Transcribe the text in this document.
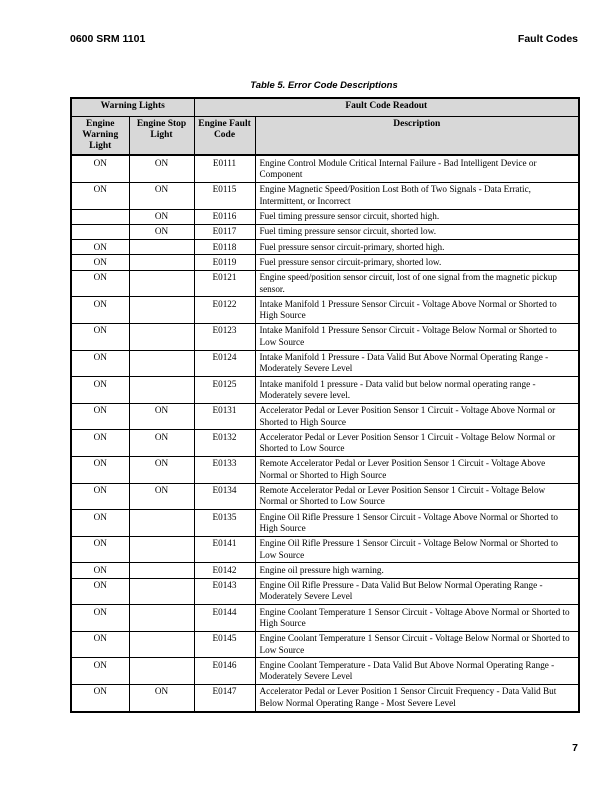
0600 SRM 1101	Fault Codes
Table 5. Error Code Descriptions
Warning Lights		Fault Code Readout	
Engine Warning Light	Engine Stop Light	Engine Fault Code	Description
ON	ON	E0111	Engine Control Module Critical Internal Failure - Bad Intelligent Device or Component
ON	ON	E0115	Engine Magnetic Speed/Position Lost Both of Two Signals - Data Erratic, Intermittent, or Incorrect
	ON	E0116	Fuel timing pressure sensor circuit, shorted high.
	ON	E0117	Fuel timing pressure sensor circuit, shorted low.
ON		E0118	Fuel pressure sensor circuit-primary, shorted high.
ON		E0119	Fuel pressure sensor circuit-primary, shorted low.
ON		E0121	Engine speed/position sensor circuit, lost of one signal from the magnetic pickup sensor.
ON		E0122	Intake Manifold 1 Pressure Sensor Circuit - Voltage Above Normal or Shorted to High Source
ON		E0123	Intake Manifold 1 Pressure Sensor Circuit - Voltage Below Normal or Shorted to Low Source
ON		E0124	Intake Manifold 1 Pressure - Data Valid But Above Normal Operating Range - Moderately Severe Level
ON		E0125	Intake manifold 1 pressure - Data valid but below normal operating range - Moderately severe level.
ON	ON	E0131	Accelerator Pedal or Lever Position Sensor 1 Circuit - Voltage Above Normal or Shorted to High Source
ON	ON	E0132	Accelerator Pedal or Lever Position Sensor 1 Circuit - Voltage Below Normal or Shorted to Low Source
ON	ON	E0133	Remote Accelerator Pedal or Lever Position Sensor 1 Circuit - Voltage Above Normal or Shorted to High Source
ON	ON	E0134	Remote Accelerator Pedal or Lever Position Sensor 1 Circuit - Voltage Below Normal or Shorted to Low Source
ON		E0135	Engine Oil Rifle Pressure 1 Sensor Circuit - Voltage Above Normal or Shorted to High Source
ON		E0141	Engine Oil Rifle Pressure 1 Sensor Circuit - Voltage Below Normal or Shorted to Low Source
ON		E0142	Engine oil pressure high warning.
ON		E0143	Engine Oil Rifle Pressure - Data Valid But Below Normal Operating Range - Moderately Severe Level
ON		E0144	Engine Coolant Temperature 1 Sensor Circuit - Voltage Above Normal or Shorted to High Source
ON		E0145	Engine Coolant Temperature 1 Sensor Circuit - Voltage Below Normal or Shorted to Low Source
ON		E0146	Engine Coolant Temperature - Data Valid But Above Normal Operating Range - Moderately Severe Level
ON	ON	E0147	Accelerator Pedal or Lever Position 1 Sensor Circuit Frequency - Data Valid But Below Normal Operating Range - Most Severe Level
7
